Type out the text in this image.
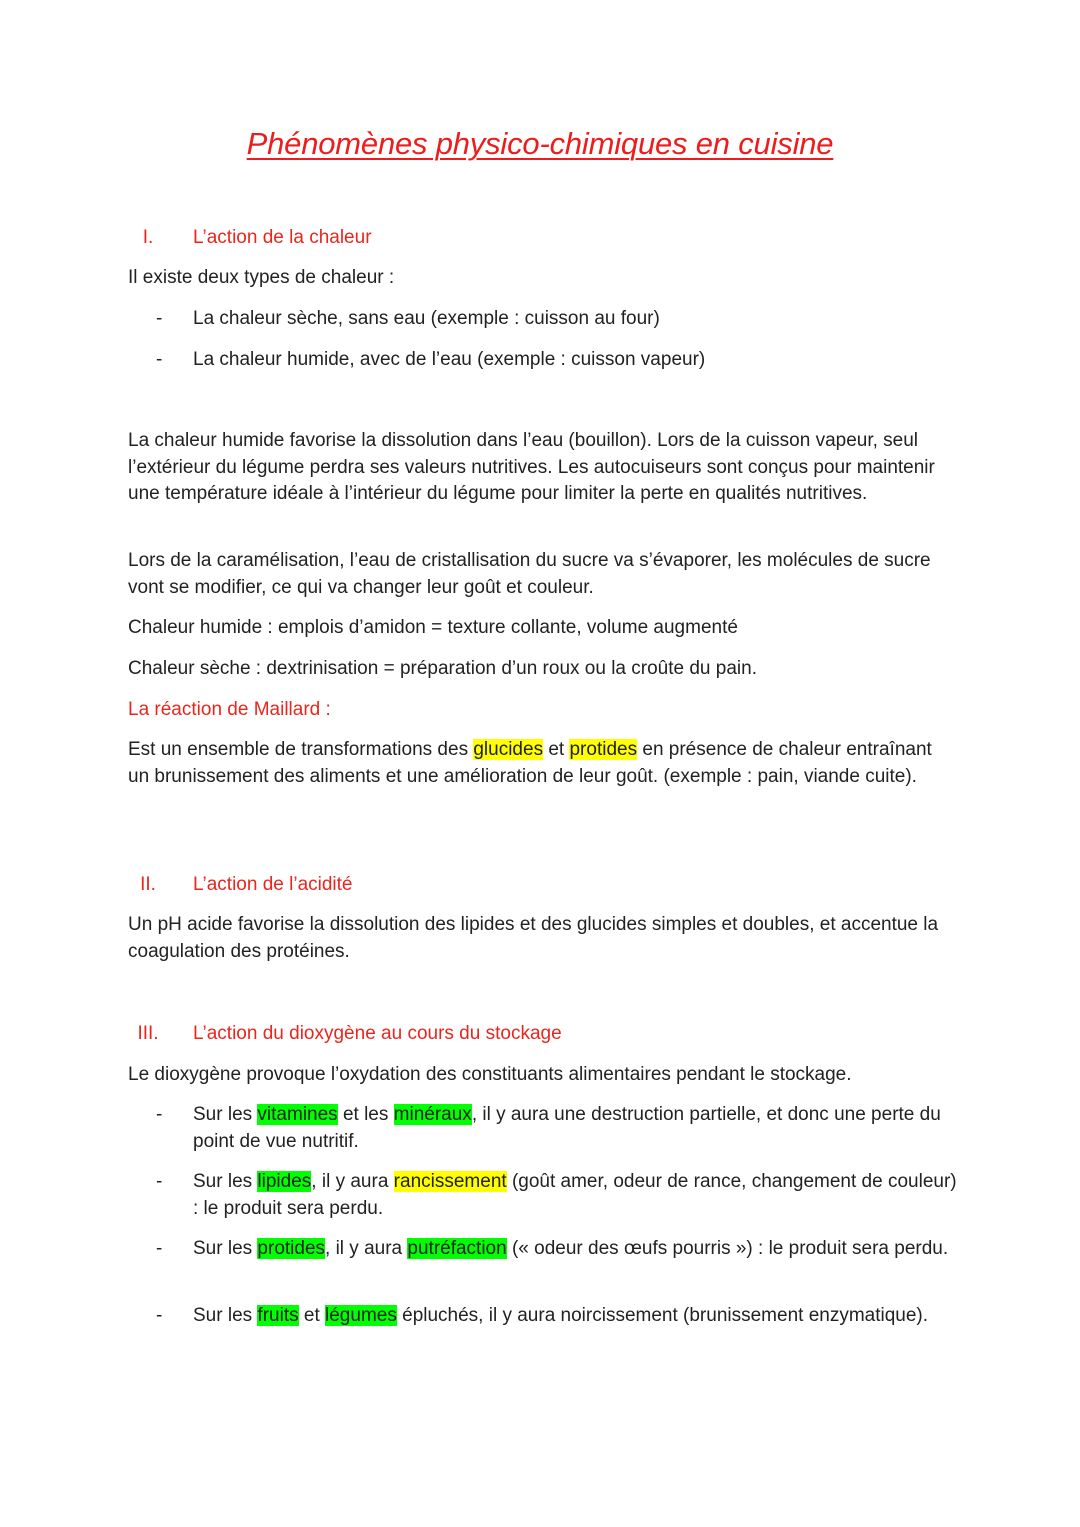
Phénomènes physico-chimiques en cuisine
I.	L’action de la chaleur

Il existe deux types de chaleur :

- La chaleur sèche, sans eau (exemple : cuisson au four)
- La chaleur humide, avec de l’eau (exemple : cuisson vapeur)

La chaleur humide favorise la dissolution dans l’eau (bouillon). Lors de la cuisson vapeur, seul l’extérieur du légume perdra ses valeurs nutritives. Les autocuiseurs sont conçus pour maintenir une température idéale à l’intérieur du légume pour limiter la perte en qualités nutritives.

Lors de la caramélisation, l’eau de cristallisation du sucre va s’évaporer, les molécules de sucre vont se modifier, ce qui va changer leur goût et couleur.

Chaleur humide : emplois d’amidon = texture collante, volume augmenté

Chaleur sèche : dextrinisation = préparation d’un roux ou la croûte du pain.

La réaction de Maillard :

Est un ensemble de transformations des glucides et protides en présence de chaleur entraînant un brunissement des aliments et une amélioration de leur goût. (exemple : pain, viande cuite).

II.	L’action de l’acidité

Un pH acide favorise la dissolution des lipides et des glucides simples et doubles, et accentue la coagulation des protéines.

III.	L’action du dioxygène au cours du stockage

Le dioxygène provoque l’oxydation des constituants alimentaires pendant le stockage.

- Sur les vitamines et les minéraux, il y aura une destruction partielle, et donc une perte du point de vue nutritif.
- Sur les lipides, il y aura rancissement (goût amer, odeur de rance, changement de couleur) : le produit sera perdu.
- Sur les protides, il y aura putréfaction (« odeur des œufs pourris ») : le produit sera perdu.
- Sur les fruits et légumes épluchés, il y aura noircissement (brunissement enzymatique).
